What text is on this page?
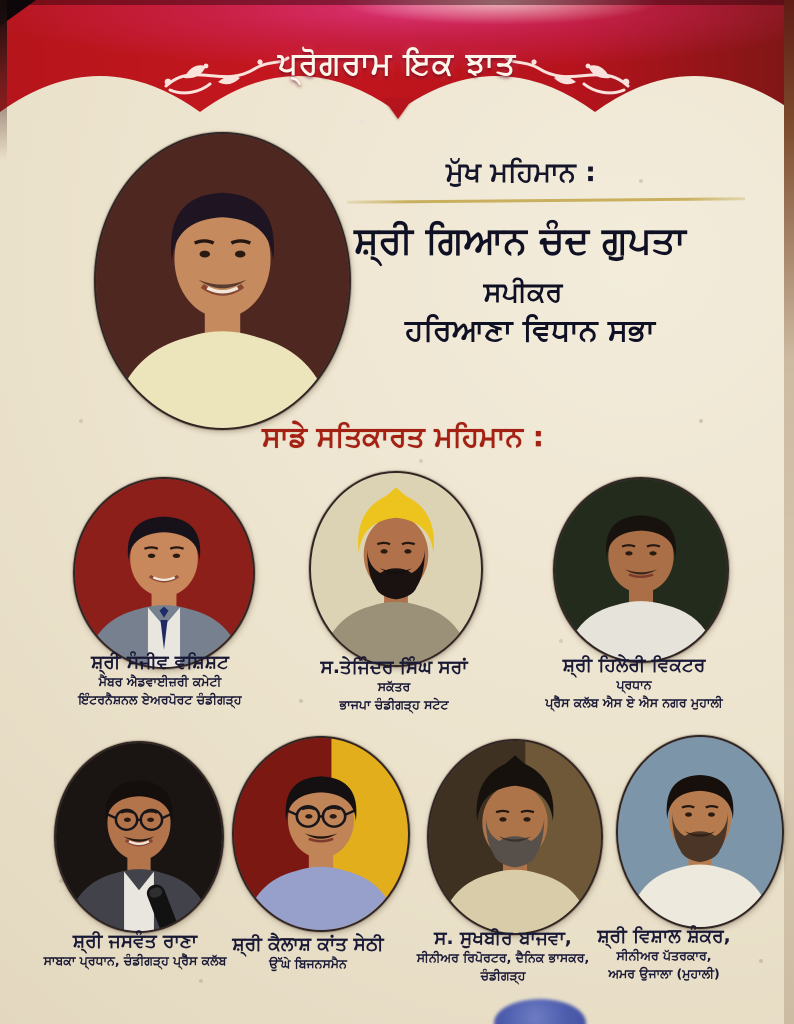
ਪ੍ਰੋਗਰਾਮ ਇਕ ਝਾਤ
ਮੁੱਖ ਮਹਿਮਾਨ :
ਸ਼੍ਰੀ ਗਿਆਨ ਚੰਦ ਗੁਪਤਾ
ਸਪੀਕਰ
ਹਰਿਆਣਾ ਵਿਧਾਨ ਸਭਾ
ਸਾਡੇ ਸਤਿਕਾਰਤ ਮਹਿਮਾਨ :
ਸ਼੍ਰੀ ਸੰਜੀਵ ਵਸ਼ਿਸ਼ਟ
ਮੈਂਬਰ ਐਡਵਾਈਜ਼ਰੀ ਕਮੇਟੀ
ਇੰਟਰਨੈਸ਼ਨਲ ਏਅਰਪੋਰਟ ਚੰਡੀਗੜ੍ਹ
ਸ.ਤੇਜਿੰਦਰ ਸਿੰਘ ਸਰਾਂ
ਸਕੱਤਰ
ਭਾਜਪਾ ਚੰਡੀਗੜ੍ਹ ਸਟੇਟ
ਸ਼੍ਰੀ ਹਿਲੇਰੀ ਵਿਕਟਰ
ਪ੍ਰਧਾਨ
ਪ੍ਰੈੱਸ ਕਲੱਬ ਐਸ ਏ ਐਸ ਨਗਰ ਮੁਹਾਲੀ
ਸ਼੍ਰੀ ਜਸਵੰਤ ਰਾਣਾ
ਸਾਬਕਾ ਪ੍ਰਧਾਨ, ਚੰਡੀਗੜ੍ਹ ਪ੍ਰੈੱਸ ਕਲੱਬ
ਸ਼੍ਰੀ ਕੈਲਾਸ਼ ਕਾਂਤ ਸੇਠੀ
ਉੱਘੇ ਬਿਜਨਸਮੈਨ
ਸ. ਸੁਖਬੀਰ ਬਾਜਵਾ,
ਸੀਨੀਅਰ ਰਿਪੋਰਟਰ, ਦੈਨਿਕ ਭਾਸਕਰ,
ਚੰਡੀਗੜ੍ਹ
ਸ਼੍ਰੀ ਵਿਸ਼ਾਲ ਸ਼ੰਕਰ,
ਸੀਨੀਅਰ ਪੱਤਰਕਾਰ,
ਅਮਰ ਉਜਾਲਾ (ਮੁਹਾਲੀ)
